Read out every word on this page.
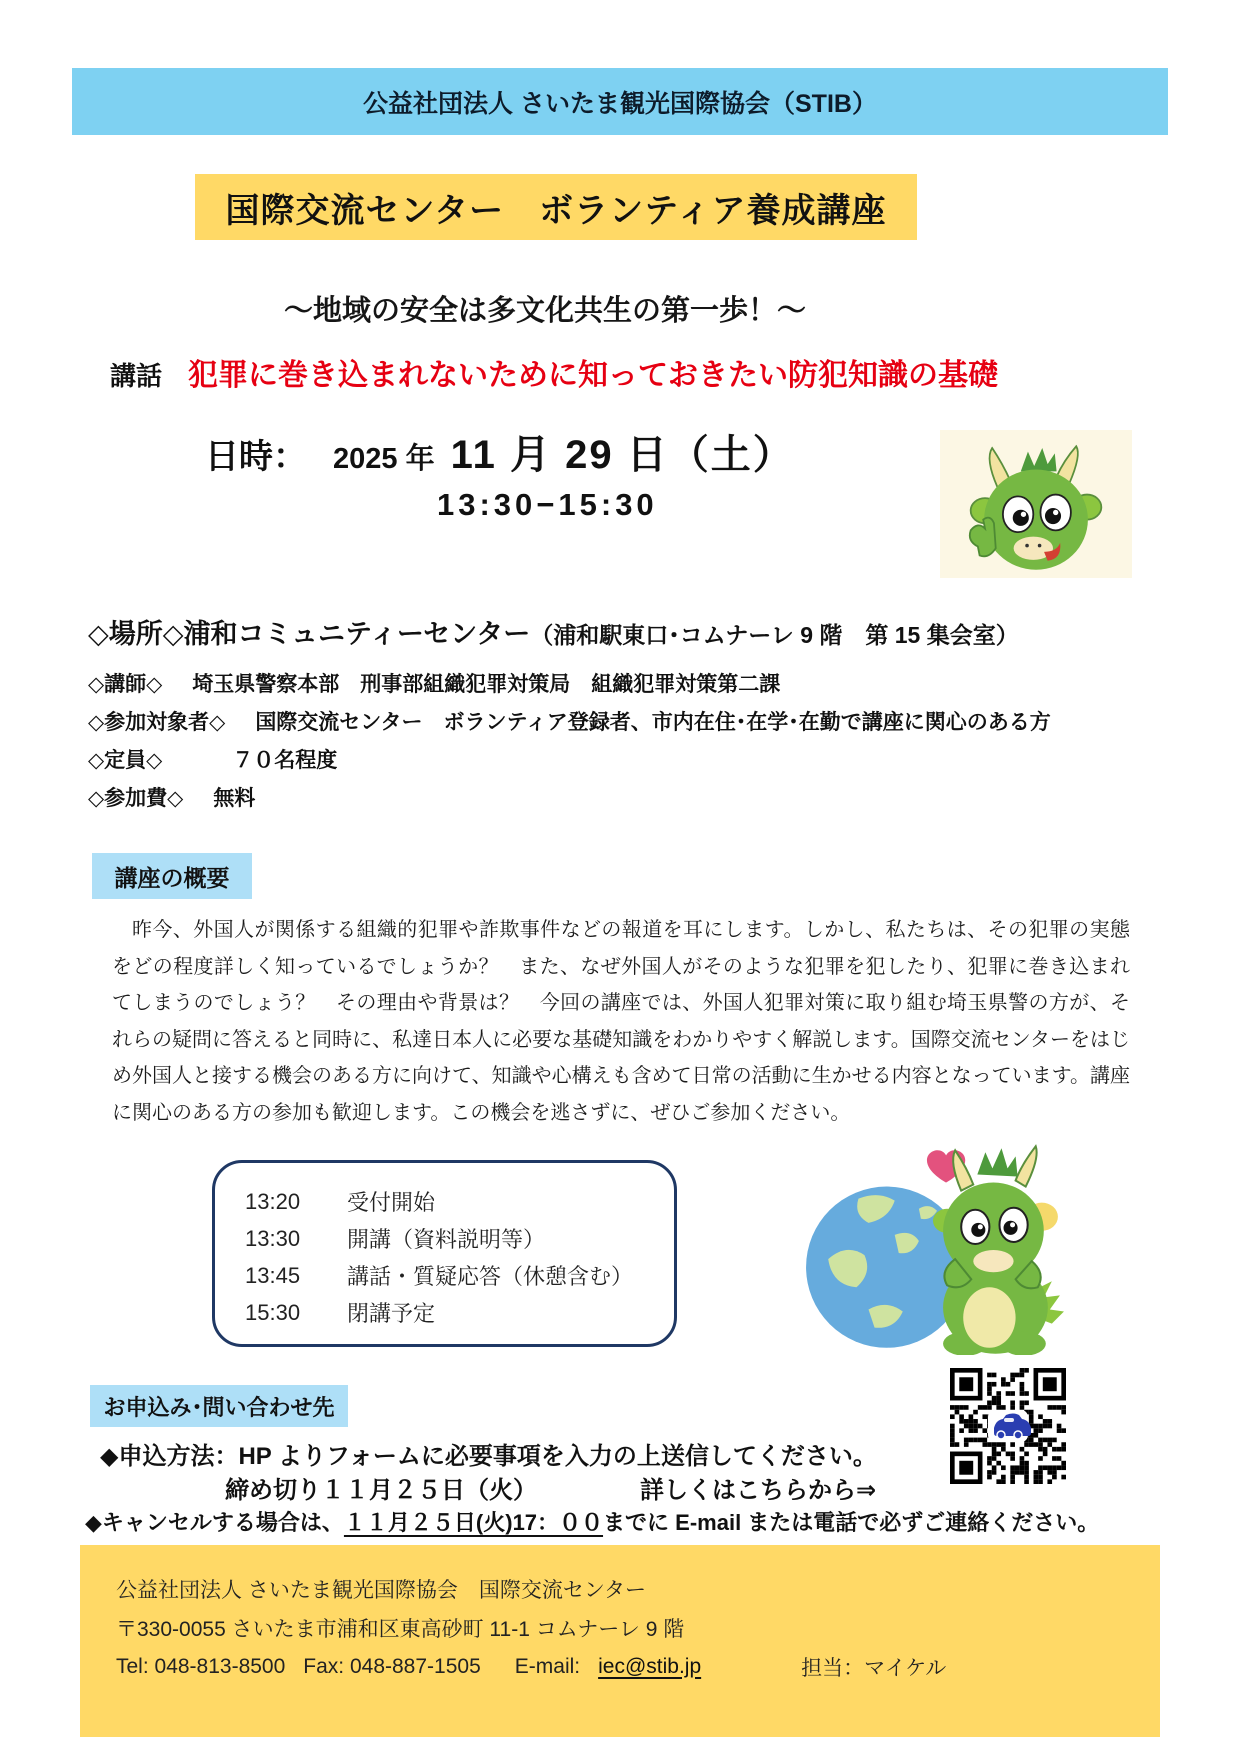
公益社団法人 さいたま観光国際協会（STIB）
国際交流センター　ボランティア養成講座
～地域の安全は多文化共生の第一歩！～
講話 犯罪に巻き込まれないために知っておきたい防犯知識の基礎
日時： 2025 年 11 月 29 日（土）
13:30−15:30
◇場所◇浦和コミュニティーセンター（浦和駅東口･コムナーレ 9 階　第 15 集会室）
◇講師◇ 埼玉県警察本部　刑事部組織犯罪対策局　組織犯罪対策第二課
◇参加対象者◇ 国際交流センター　ボランティア登録者、市内在住･在学･在勤で講座に関心のある方
◇定員◇	７０名程度
◇参加費◇ 無料
講座の概要

昨今、外国人が関係する組織的犯罪や詐欺事件などの報道を耳にします。しかし、私たちは、その犯罪の実態をどの程度詳しく知っているでしょうか？　また、なぜ外国人がそのような犯罪を犯したり、犯罪に巻き込まれてしまうのでしょう？　その理由や背景は？　今回の講座では、外国人犯罪対策に取り組む埼玉県警の方が、それらの疑問に答えると同時に、私達日本人に必要な基礎知識をわかりやすく解説します。国際交流センターをはじめ外国人と接する機会のある方に向けて、知識や心構えも含めて日常の活動に生かせる内容となっています。講座に関心のある方の参加も歓迎します。この機会を逃さずに、ぜひご参加ください。

13:20	受付開始
13:30	開講（資料説明等）
13:45	講話・質疑応答（休憩含む）
15:30	閉講予定
お申込み･問い合わせ先
◆申込方法：HP よりフォームに必要事項を入力の上送信してください。
締め切り１１月２５日（火）	詳しくはこちらから⇒
◆キャンセルする場合は、１１月２５日(火)17：００までに E-mail または電話で必ずご連絡ください。
公益社団法人 さいたま観光国際協会　国際交流センター
〒330-0055 さいたま市浦和区東高砂町 11-1 コムナーレ 9 階
Tel: 048-813-8500 Fax: 048-887-1505 E-mail: iec@stib.jp	担当：マイケル
